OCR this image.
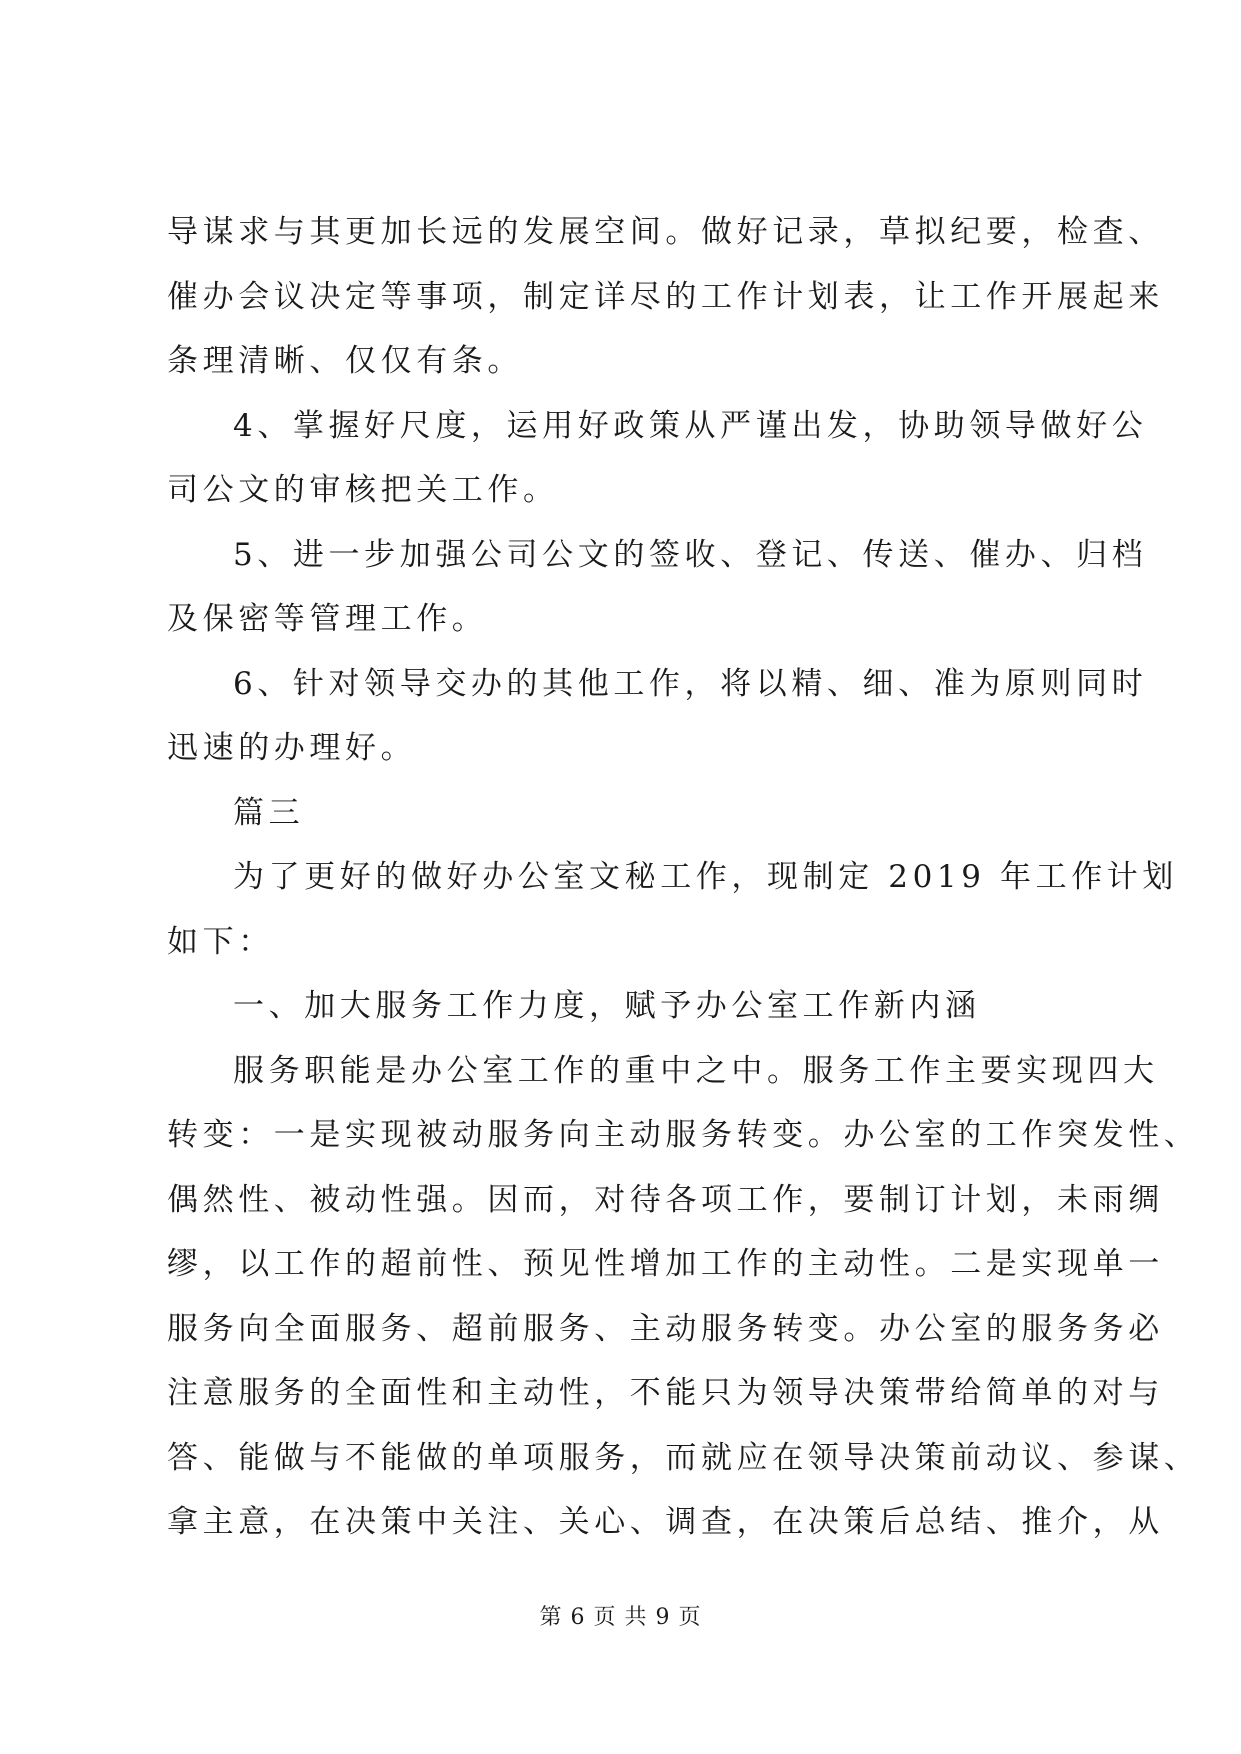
导谋求与其更加长远的发展空间。做好记录，草拟纪要，检查、
催办会议决定等事项，制定详尽的工作计划表，让工作开展起来
条理清晰、仅仅有条。
4、掌握好尺度，运用好政策从严谨出发，协助领导做好公
司公文的审核把关工作。
5、进一步加强公司公文的签收、登记、传送、催办、归档
及保密等管理工作。
6、针对领导交办的其他工作，将以精、细、准为原则同时
迅速的办理好。
篇三
为了更好的做好办公室文秘工作，现制定 2019 年工作计划
如下：
一、加大服务工作力度，赋予办公室工作新内涵
服务职能是办公室工作的重中之中。服务工作主要实现四大
转变：一是实现被动服务向主动服务转变。办公室的工作突发性、
偶然性、被动性强。因而，对待各项工作，要制订计划，未雨绸
缪，以工作的超前性、预见性增加工作的主动性。二是实现单一
服务向全面服务、超前服务、主动服务转变。办公室的服务务必
注意服务的全面性和主动性，不能只为领导决策带给简单的对与
答、能做与不能做的单项服务，而就应在领导决策前动议、参谋、
拿主意，在决策中关注、关心、调查，在决策后总结、推介，从
第 6 页 共 9 页
